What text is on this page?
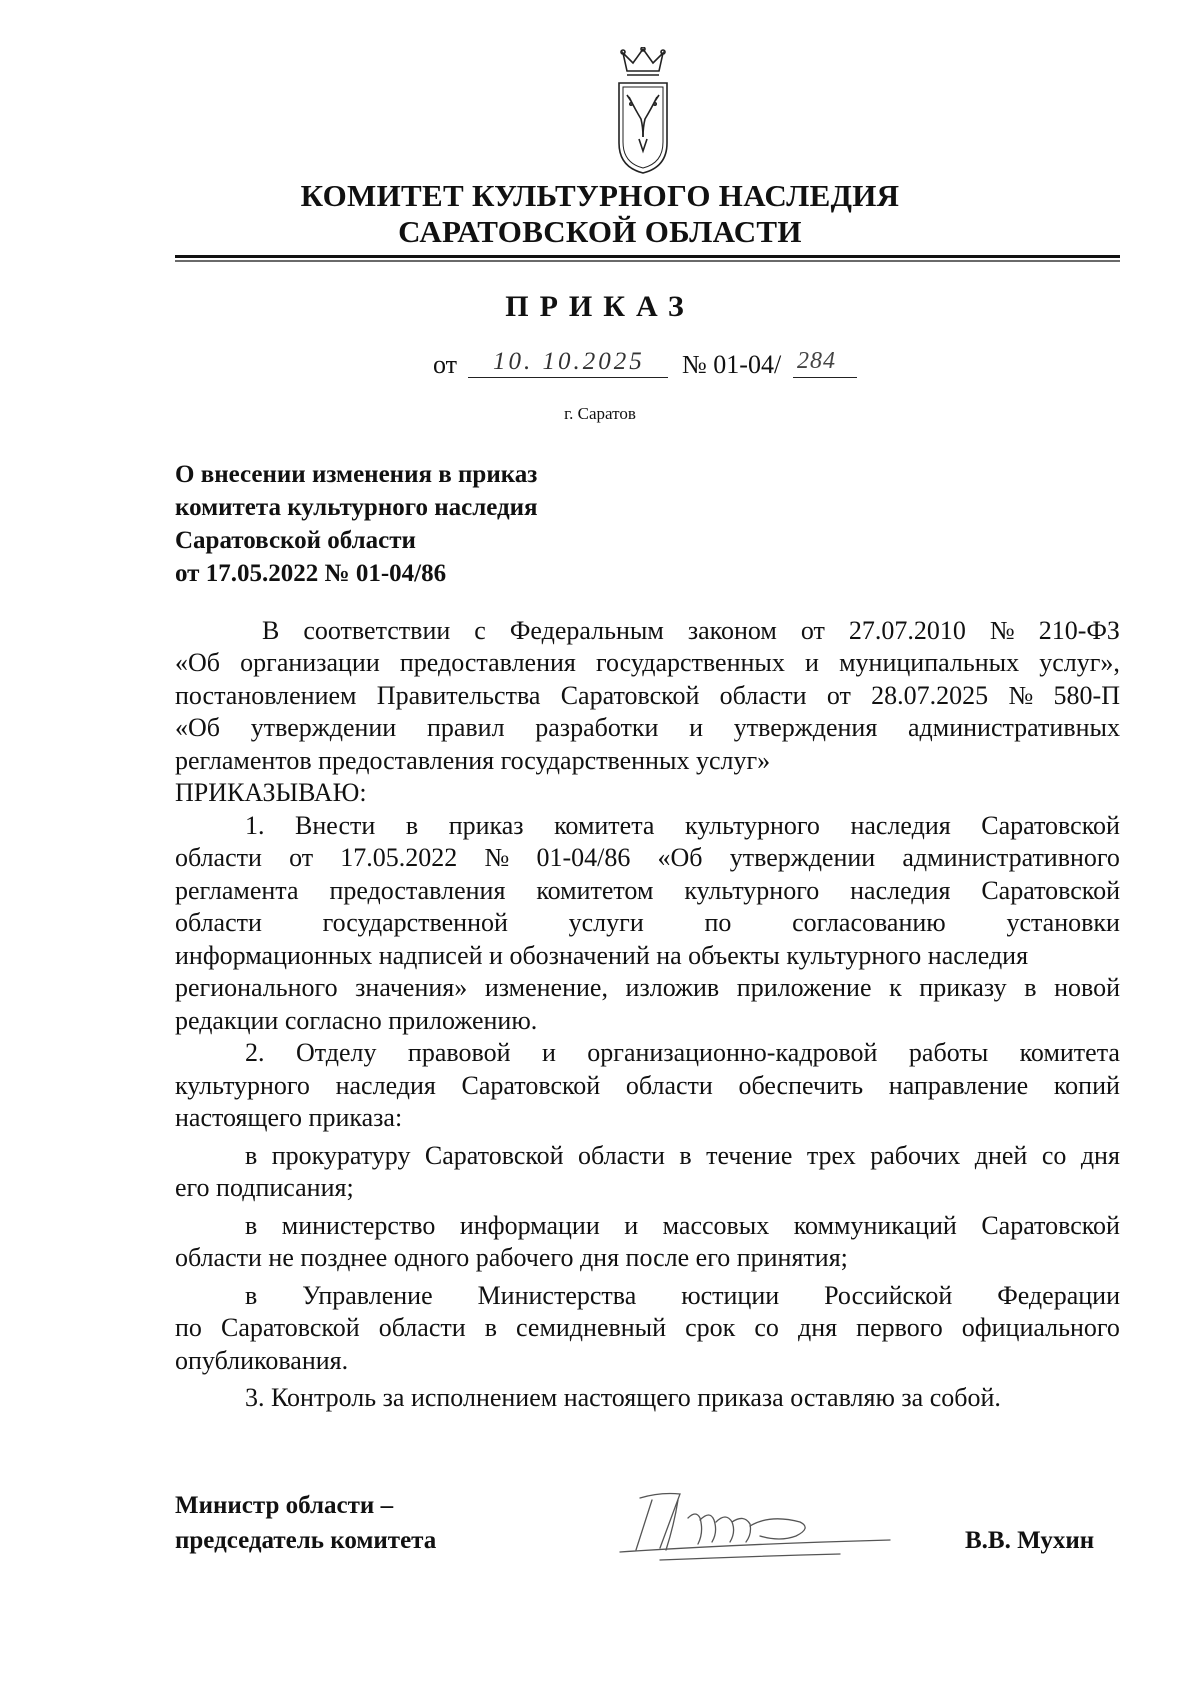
КОМИТЕТ КУЛЬТУРНОГО НАСЛЕДИЯ
САРАТОВСКОЙ ОБЛАСТИ
ПРИКАЗ
от 10. 10.2025 № 01-04/ 284
г. Саратов
О внесении изменения в приказ
комитета культурного наследия
Саратовской области
от 17.05.2022 № 01-04/86
В соответствии с Федеральным законом от 27.07.2010 № 210-ФЗ
«Об организации предоставления государственных и муниципальных услуг»,
постановлением Правительства Саратовской области от 28.07.2025 № 580-П
«Об утверждении правил разработки и утверждения административных
регламентов предоставления государственных услуг»
ПРИКАЗЫВАЮ:
1. Внести в приказ комитета культурного наследия Саратовской
области от 17.05.2022 № 01-04/86 «Об утверждении административного
регламента предоставления комитетом культурного наследия Саратовской
области государственной услуги по согласованию установки
информационных надписей и обозначений на объекты культурного наследия
регионального значения» изменение, изложив приложение к приказу в новой
редакции согласно приложению.
2. Отделу правовой и организационно-кадровой работы комитета
культурного наследия Саратовской области обеспечить направление копий
настоящего приказа:
в прокуратуру Саратовской области в течение трех рабочих дней со дня
его подписания;
в министерство информации и массовых коммуникаций Саратовской
области не позднее одного рабочего дня после его принятия;
в Управление Министерства юстиции Российской Федерации
по Саратовской области в семидневный срок со дня первого официального
опубликования.
3. Контроль за исполнением настоящего приказа оставляю за собой.
Министр области –
председатель комитета	В.В. Мухин
